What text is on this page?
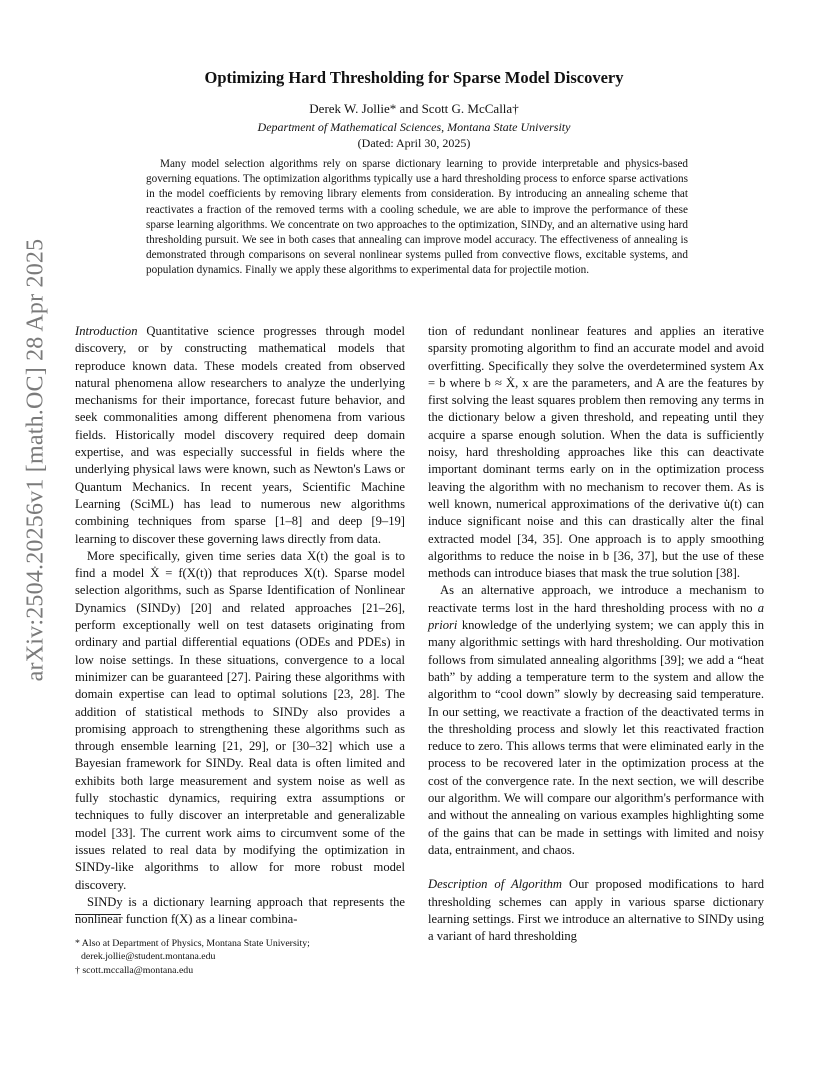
arXiv:2504.20256v1 [math.OC] 28 Apr 2025
Optimizing Hard Thresholding for Sparse Model Discovery
Derek W. Jollie* and Scott G. McCalla†
Department of Mathematical Sciences, Montana State University
(Dated: April 30, 2025)

Many model selection algorithms rely on sparse dictionary learning to provide interpretable and physics-based governing equations. The optimization algorithms typically use a hard thresholding process to enforce sparse activations in the model coefficients by removing library elements from consideration. By introducing an annealing scheme that reactivates a fraction of the removed terms with a cooling schedule, we are able to improve the performance of these sparse learning algorithms. We concentrate on two approaches to the optimization, SINDy, and an alternative using hard thresholding pursuit. We see in both cases that annealing can improve model accuracy. The effectiveness of annealing is demonstrated through comparisons on several nonlinear systems pulled from convective flows, excitable systems, and population dynamics. Finally we apply these algorithms to experimental data for projectile motion.

Introduction Quantitative science progresses through model discovery, or by constructing mathematical models that reproduce known data. These models created from observed natural phenomena allow researchers to analyze the underlying mechanisms for their importance, forecast future behavior, and seek commonalities among different phenomena from various fields. Historically model discovery required deep domain expertise, and was especially successful in fields where the underlying physical laws were known, such as Newton's Laws or Quantum Mechanics. In recent years, Scientific Machine Learning (SciML) has lead to numerous new algorithms combining techniques from sparse [1–8] and deep [9–19] learning to discover these governing laws directly from data.

More specifically, given time series data X(t) the goal is to find a model Ẋ = f(X(t)) that reproduces X(t). Sparse model selection algorithms, such as Sparse Identification of Nonlinear Dynamics (SINDy) [20] and related approaches [21–26], perform exceptionally well on test datasets originating from ordinary and partial differential equations (ODEs and PDEs) in low noise settings. In these situations, convergence to a local minimizer can be guaranteed [27]. Pairing these algorithms with domain expertise can lead to optimal solutions [23, 28]. The addition of statistical methods to SINDy also provides a promising approach to strengthening these algorithms such as through ensemble learning [21, 29], or [30–32] which use a Bayesian framework for SINDy. Real data is often limited and exhibits both large measurement and system noise as well as fully stochastic dynamics, requiring extra assumptions or techniques to fully discover an interpretable and generalizable model [33]. The current work aims to circumvent some of the issues related to real data by modifying the optimization in SINDy-like algorithms to allow for more robust model discovery.

SINDy is a dictionary learning approach that represents the nonlinear function f(X) as a linear combina-

tion of redundant nonlinear features and applies an iterative sparsity promoting algorithm to find an accurate model and avoid overfitting. Specifically they solve the overdetermined system Ax = b where b ≈ Ẋ, x are the parameters, and A are the features by first solving the least squares problem then removing any terms in the dictionary below a given threshold, and repeating until they acquire a sparse enough solution. When the data is sufficiently noisy, hard thresholding approaches like this can deactivate important dominant terms early on in the optimization process leaving the algorithm with no mechanism to recover them. As is well known, numerical approximations of the derivative u̇(t) can induce significant noise and this can drastically alter the final extracted model [34, 35]. One approach is to apply smoothing algorithms to reduce the noise in b [36, 37], but the use of these methods can introduce biases that mask the true solution [38].

As an alternative approach, we introduce a mechanism to reactivate terms lost in the hard thresholding process with no a priori knowledge of the underlying system; we can apply this in many algorithmic settings with hard thresholding. Our motivation follows from simulated annealing algorithms [39]; we add a “heat bath” by adding a temperature term to the system and allow the algorithm to “cool down” slowly by decreasing said temperature. In our setting, we reactivate a fraction of the deactivated terms in the thresholding process and slowly let this reactivated fraction reduce to zero. This allows terms that were eliminated early in the process to be recovered later in the optimization process at the cost of the convergence rate. In the next section, we will describe our algorithm. We will compare our algorithm's performance with and without the annealing on various examples highlighting some of the gains that can be made in settings with limited and noisy data, entrainment, and chaos.

Description of Algorithm Our proposed modifications to hard thresholding schemes can apply in various sparse dictionary learning settings. First we introduce an alternative to SINDy using a variant of hard thresholding

* Also at Department of Physics, Montana State University; derek.jollie@student.montana.edu

† scott.mccalla@montana.edu
